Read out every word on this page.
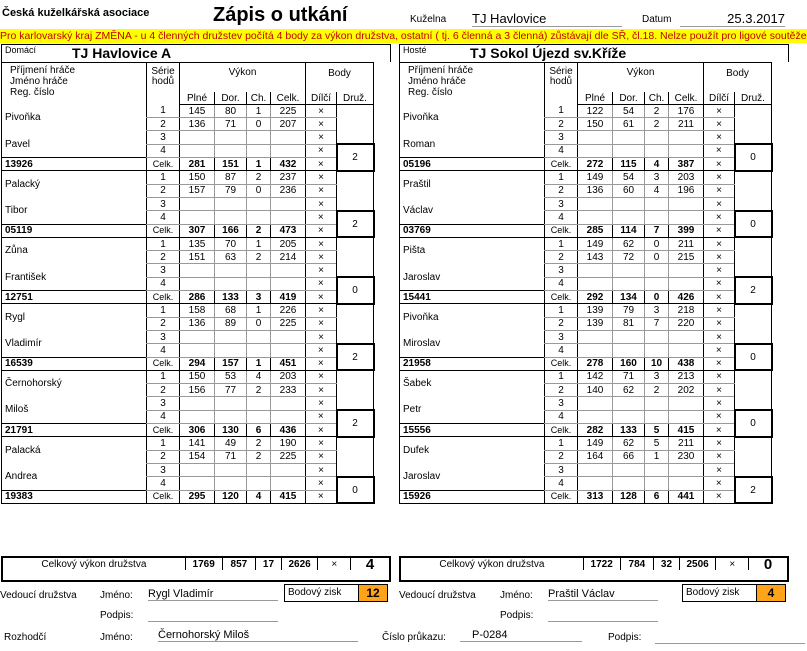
Česká kuželkářská asociace	Zápis o utkání	Kuželna TJ Havlovice	Datum	25.3.2017
Pro karlovarský kraj ZMĚNA - u 4 členných družstev počítá 4 body za výkon družstva, ostatní ( tj. 6 členná a 3 členná) zůstávají dle SŘ, čl.18. Nelze použít pro ligové soutěže
Domácí	TJ Havlovice A
Příjmení hráče
Jméno hráče
Reg. číslo	Série hodů	Výkon				Body	

		Plné	Dor.	Ch.	Celk.	Dílčí	Druž.
Pivoňka	1	145	80	1	225	×	
	2	136	71	0	207	×	
Pavel	3					×	
	4					×	2
13926	Celk.	281	151	1	432	×	
Palacký	1	150	87	2	237	×	
	2	157	79	0	236	×	
Tibor	3					×	
	4					×	2
05119	Celk.	307	166	2	473	×	
Zůna	1	135	70	1	205	×	
	2	151	63	2	214	×	
František	3					×	
	4					×	0
12751	Celk.	286	133	3	419	×	
Rygl	1	158	68	1	226	×	
	2	136	89	0	225	×	
Vladimír	3					×	
	4					×	2
16539	Celk.	294	157	1	451	×	
Černohorský	1	150	53	4	203	×	
	2	156	77	2	233	×	
Miloš	3					×	
	4					×	2
21791	Celk.	306	130	6	436	×	
Palacká	1	141	49	2	190	×	
	2	154	71	2	225	×	
Andrea	3					×	
	4					×	0
19383	Celk.	295	120	4	415	×	
Hosté	TJ Sokol Újezd sv.Kříže
Příjmení hráče
Jméno hráče
Reg. číslo	Série hodů	Výkon				Body	

		Plné	Dor.	Ch.	Celk.	Dílčí	Druž.
Pivoňka	1	122	54	2	176	×	
	2	150	61	2	211	×	
Roman	3					×	
	4					×	0
05196	Celk.	272	115	4	387	×	
Praštil	1	149	54	3	203	×	
	2	136	60	4	196	×	
Václav	3					×	
	4					×	0
03769	Celk.	285	114	7	399	×	
Pišta	1	149	62	0	211	×	
	2	143	72	0	215	×	
Jaroslav	3					×	
	4					×	2
15441	Celk.	292	134	0	426	×	
Pivoňka	1	139	79	3	218	×	
	2	139	81	7	220	×	
Miroslav	3					×	
	4					×	0
21958	Celk.	278	160	10	438	×	
Šabek	1	142	71	3	213	×	
	2	140	62	2	202	×	
Petr	3					×	
	4					×	0
15556	Celk.	282	133	5	415	×	
Dufek	1	149	62	5	211	×	
	2	164	66	1	230	×	
Jaroslav	3					×	
	4					×	2
15926	Celk.	313	128	6	441	×	
Celkový výkon družstva	1769	857	17	2626	×	4	Celkový výkon družstva	1722	784	32	2506	×	0
Vedoucí družstva Jméno: Rygl Vladimír
Podpis:
Bodový zisk	12	Vedoucí družstva Jméno: Praštil Václav
Podpis:
Bodový zisk	4
Rozhodčí	Jméno: Černohorský Miloš	Číslo průkazu:	P-0284	Podpis:
